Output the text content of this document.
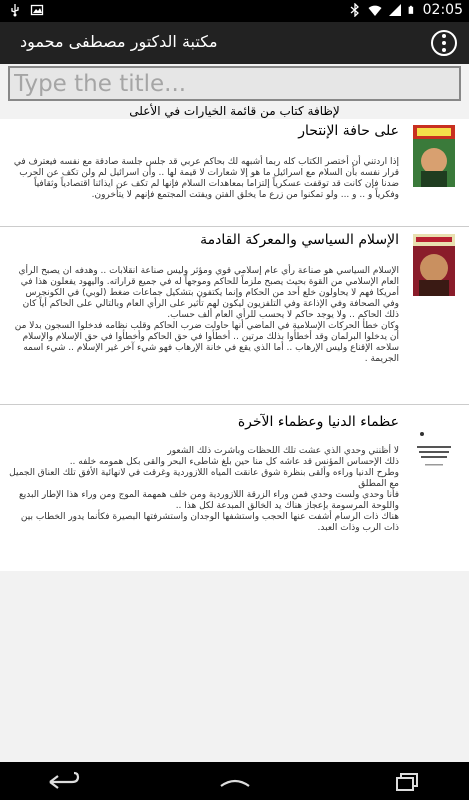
02:05
مكتبة الدكتور مصطفى محمود
Type the title...
لإظافة كتاب من قائمة الخيارات في الأعلى
على حافة الإنتحار
إذا اردتني أن أختصر الكتاب كله ربما أشبهه لك بحاكم عربي قد جلس جلسة صادقة مع نفسه فيعترف في قرار نفسه بأن السلام مع اسرائيل ما هو إلا شعارات لا قيمة لها .. وأن اسرائيل لم ولن تكف عن الحرب ضدنا فإن كانت قد توقفت عسكرياً إلتزاما بمعاهدات السلام فإنها لم تكف عن ايذائنا اقتصادياً وثقافياً وفكرياً و .. و ... ولو تمكنوا من زرع ما يخلق الفتن ويفتت المجتمع فإنهم لا يتأخرون.
الإسلام السياسي والمعركة القادمة
الإسلام السياسي هو صناعة رأي عام إسلامي قوي ومؤثر وليس صناعة انقلابات .. وهدفه ان يصبح الرأي العام الإسلامي من القوة بحيث يصبح ملزماً للحاكم وموجهاً له في جميع قراراته. واليهود يفعلون هذا في أمريكا فهم لا يحاولون خلع أحد من الحكام وإنما يكتفون بتشكيل جماعات ضغط (لوبي) في الكونجرس وفي الصحافة وفي الإذاعة وفي التلفزيون ليكون لهم تأثير على الرأي العام وبالتالي على الحاكم أياً كان ذلك الحاكم .. ولا يوجد حاكم لا يحسب للرأي العام ألف حساب.
وكان خطأ الحركات الإسلامية في الماضي أنها حاولت ضرب الحاكم وقلب نظامه فدخلوا السجون بدلا من أن يدخلوا البرلمان وقد أخطأوا بذلك مرتين .. أخطأوا في حق الحاكم وأخطأوا في حق الإسلام والإسلام سلاحه الإقناع وليس الإرهاب .. أما الذي يقع في خانة الإرهاب فهو شيء آخر غير الإسلام .. شيء اسمه الجريمة .
عظماء الدنيا وعظماء الآخرة
لا أظنني وحدي الذي عشت تلك اللحظات وباشرت ذلك الشعور
ذلك الإحساس المؤنس قد عاشه كل منا حين بلغ شاطىء البحر والقى بكل همومه خلفه ..
وطرح الدنيا وراءه وألقى بنظرة شوق عانقت المياه اللازوردية وغرقت في لانهائية الأفق تلك العناق الجميل مع المطلق
فأنا وحدي ولست وحدي فمن وراء الزرقة اللازوردية ومن خلف همهمة الموج ومن وراء هذا الإطار البديع واللوحة المرسومة بإعجاز هناك يد الخالق المبدعة لكل هذا ..
هناك ذات الرسام أشفت عنها الحجب واستشفها الوجدان واستشرفتها البصيرة فكأنما يدور الخطاب بين ذات الرب وذات العبد.
